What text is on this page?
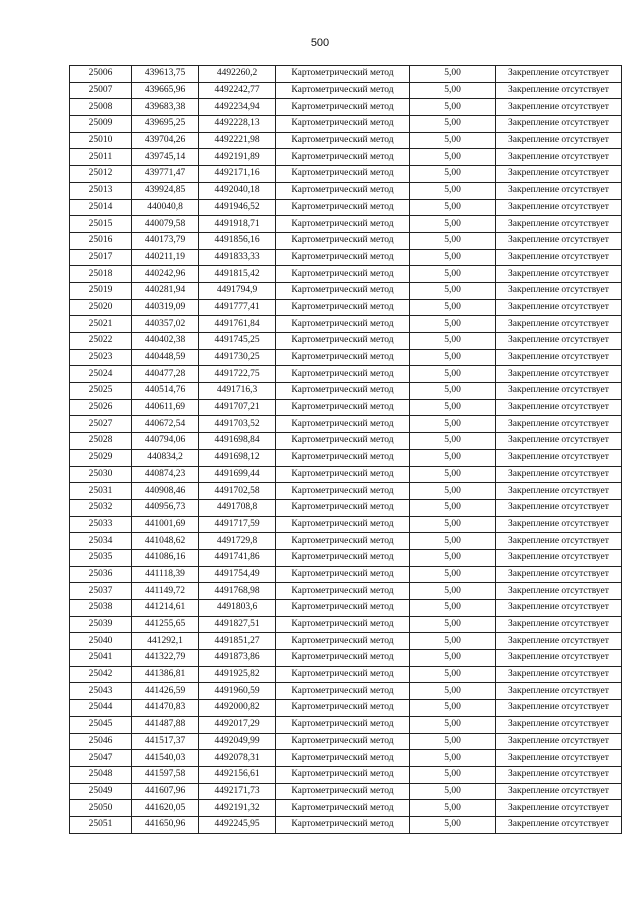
500
25006	439613,75	4492260,2	Картометрический метод	5,00	Закрепление отсутствует
25007	439665,96	4492242,77	Картометрический метод	5,00	Закрепление отсутствует
25008	439683,38	4492234,94	Картометрический метод	5,00	Закрепление отсутствует
25009	439695,25	4492228,13	Картометрический метод	5,00	Закрепление отсутствует
25010	439704,26	4492221,98	Картометрический метод	5,00	Закрепление отсутствует
25011	439745,14	4492191,89	Картометрический метод	5,00	Закрепление отсутствует
25012	439771,47	4492171,16	Картометрический метод	5,00	Закрепление отсутствует
25013	439924,85	4492040,18	Картометрический метод	5,00	Закрепление отсутствует
25014	440040,8	4491946,52	Картометрический метод	5,00	Закрепление отсутствует
25015	440079,58	4491918,71	Картометрический метод	5,00	Закрепление отсутствует
25016	440173,79	4491856,16	Картометрический метод	5,00	Закрепление отсутствует
25017	440211,19	4491833,33	Картометрический метод	5,00	Закрепление отсутствует
25018	440242,96	4491815,42	Картометрический метод	5,00	Закрепление отсутствует
25019	440281,94	4491794,9	Картометрический метод	5,00	Закрепление отсутствует
25020	440319,09	4491777,41	Картометрический метод	5,00	Закрепление отсутствует
25021	440357,02	4491761,84	Картометрический метод	5,00	Закрепление отсутствует
25022	440402,38	4491745,25	Картометрический метод	5,00	Закрепление отсутствует
25023	440448,59	4491730,25	Картометрический метод	5,00	Закрепление отсутствует
25024	440477,28	4491722,75	Картометрический метод	5,00	Закрепление отсутствует
25025	440514,76	4491716,3	Картометрический метод	5,00	Закрепление отсутствует
25026	440611,69	4491707,21	Картометрический метод	5,00	Закрепление отсутствует
25027	440672,54	4491703,52	Картометрический метод	5,00	Закрепление отсутствует
25028	440794,06	4491698,84	Картометрический метод	5,00	Закрепление отсутствует
25029	440834,2	4491698,12	Картометрический метод	5,00	Закрепление отсутствует
25030	440874,23	4491699,44	Картометрический метод	5,00	Закрепление отсутствует
25031	440908,46	4491702,58	Картометрический метод	5,00	Закрепление отсутствует
25032	440956,73	4491708,8	Картометрический метод	5,00	Закрепление отсутствует
25033	441001,69	4491717,59	Картометрический метод	5,00	Закрепление отсутствует
25034	441048,62	4491729,8	Картометрический метод	5,00	Закрепление отсутствует
25035	441086,16	4491741,86	Картометрический метод	5,00	Закрепление отсутствует
25036	441118,39	4491754,49	Картометрический метод	5,00	Закрепление отсутствует
25037	441149,72	4491768,98	Картометрический метод	5,00	Закрепление отсутствует
25038	441214,61	4491803,6	Картометрический метод	5,00	Закрепление отсутствует
25039	441255,65	4491827,51	Картометрический метод	5,00	Закрепление отсутствует
25040	441292,1	4491851,27	Картометрический метод	5,00	Закрепление отсутствует
25041	441322,79	4491873,86	Картометрический метод	5,00	Закрепление отсутствует
25042	441386,81	4491925,82	Картометрический метод	5,00	Закрепление отсутствует
25043	441426,59	4491960,59	Картометрический метод	5,00	Закрепление отсутствует
25044	441470,83	4492000,82	Картометрический метод	5,00	Закрепление отсутствует
25045	441487,88	4492017,29	Картометрический метод	5,00	Закрепление отсутствует
25046	441517,37	4492049,99	Картометрический метод	5,00	Закрепление отсутствует
25047	441540,03	4492078,31	Картометрический метод	5,00	Закрепление отсутствует
25048	441597,58	4492156,61	Картометрический метод	5,00	Закрепление отсутствует
25049	441607,96	4492171,73	Картометрический метод	5,00	Закрепление отсутствует
25050	441620,05	4492191,32	Картометрический метод	5,00	Закрепление отсутствует
25051	441650,96	4492245,95	Картометрический метод	5,00	Закрепление отсутствует
